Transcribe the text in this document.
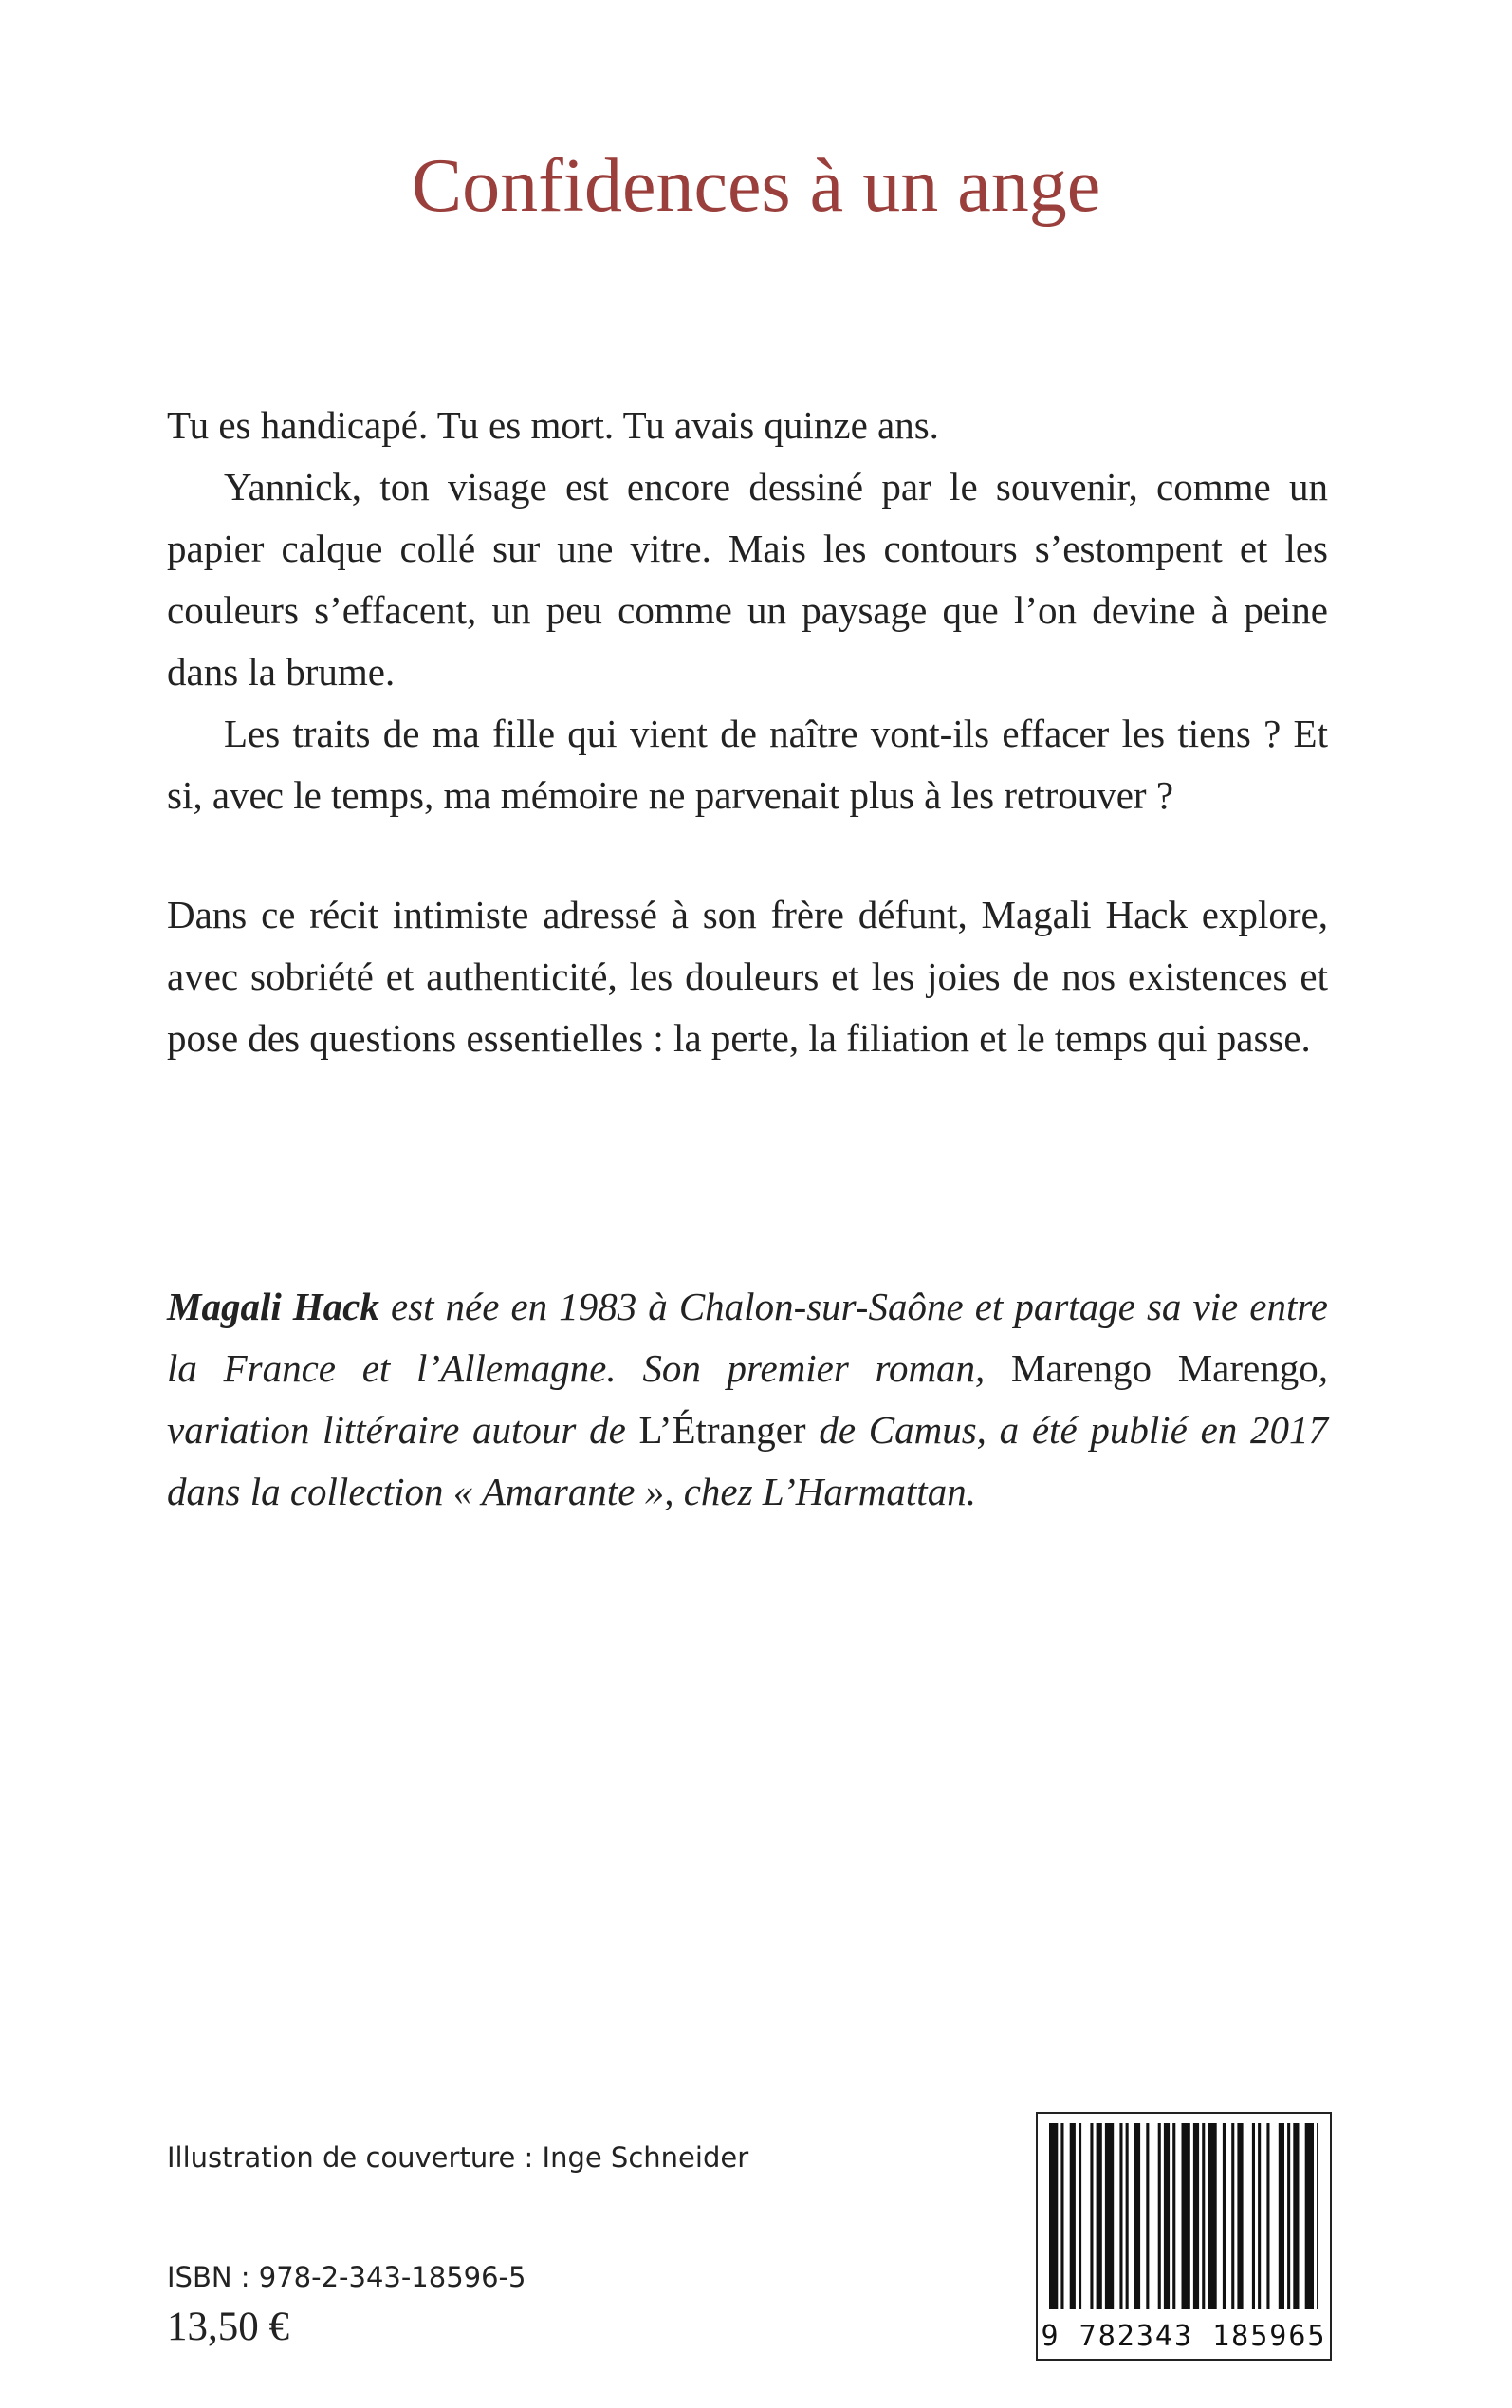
Confidences à un ange

Tu es handicapé. Tu es mort. Tu avais quinze ans.

Yannick, ton visage est encore dessiné par le souvenir, comme un papier calque collé sur une vitre. Mais les contours s’estompent et les couleurs s’effacent, un peu comme un paysage que l’on devine à peine dans la brume.

Les traits de ma fille qui vient de naître vont-ils effacer les tiens ? Et si, avec le temps, ma mémoire ne parvenait plus à les retrouver ?

Dans ce récit intimiste adressé à son frère défunt, Magali Hack explore, avec sobriété et authenticité, les douleurs et les joies de nos existences et pose des questions essentielles : la perte, la filiation et le temps qui passe.

Magali Hack est née en 1983 à Chalon-sur-Saône et partage sa vie entre la France et l’Allemagne. Son premier roman, Marengo Marengo, variation littéraire autour de L’Étranger de Camus, a été publié en 2017 dans la collection « Amarante », chez L’Harmattan.

Illustration de couverture : Inge Schneider
ISBN : 978-2-343-18596-5
13,50 €	9 782343 185965
